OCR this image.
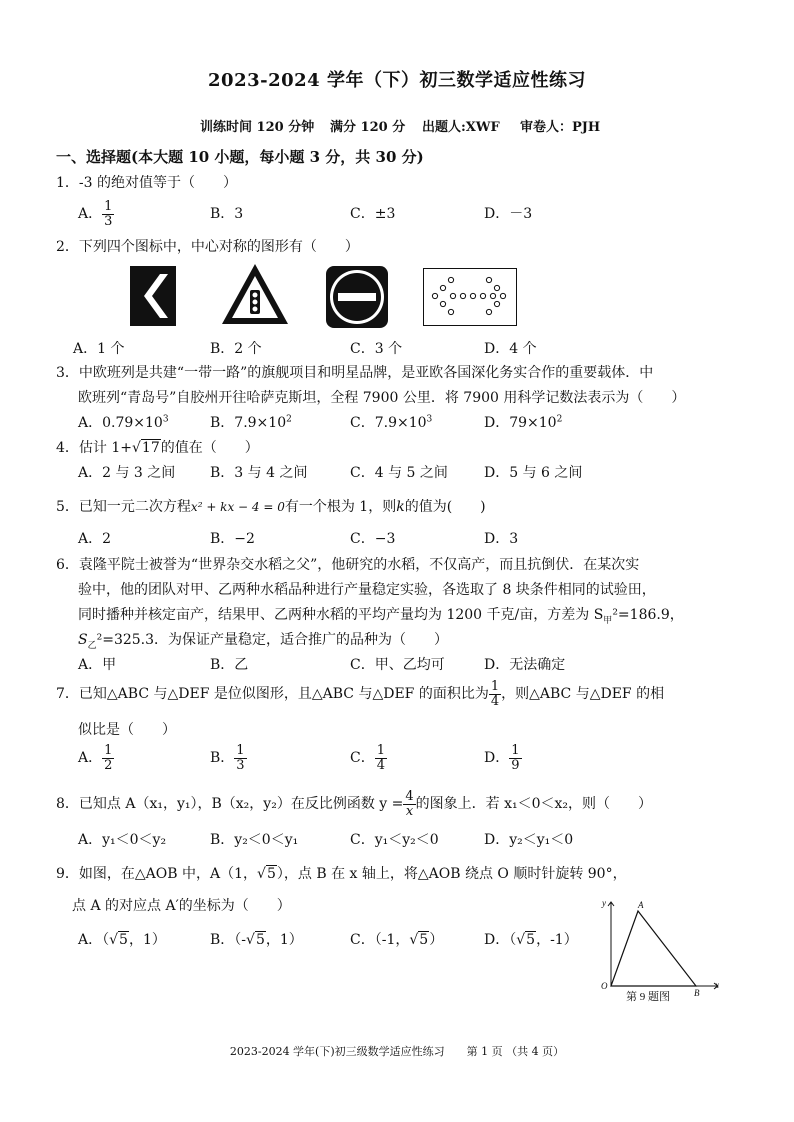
2023-2024 学年（下）初三数学适应性练习
训练时间 120 分钟 满分 120 分 出题人:XWF 审卷人：PJH
一、选择题(本大题 10 小题，每小题 3 分，共 30 分)
1．-3 的绝对值等于（　　）
A． $\frac{1}{3}$	B．3	C．±3	D．－3
2．下列四个图标中，中心对称的图形有（　　）
A．1 个	B．2 个	C．3 个	D．4 个
3．中欧班列是共建“一带一路”的旗舰项目和明星品牌，是亚欧各国深化务实合作的重要载体．中
欧班列“青岛号”自胶州开往哈萨克斯坦，全程 7900 公里．将 7900 用科学记数法表示为（　　）
A．$0.79\times 10^3$	B．$7.9\times 10^2$	C．$7.9\times 10^3$	D．$79\times 10^2$
4．估计 1+√17的值在（　　）
A．2 与 3 之间 B．3 与 4 之间	C．4 与 5 之间	D．5 与 6 之间
5．已知一元二次方程x² + kx − 4 = 0有一个根为 1，则k的值为(　　)
A．2	B．−2	C．−3	D．3
6．袁隆平院士被誉为“世界杂交水稻之父”，他研究的水稻，不仅高产，而且抗倒伏．在某次实
验中，他的团队对甲、乙两种水稻品种进行产量稳定实验，各选取了 8 块条件相同的试验田，
同时播种并核定亩产，结果甲、乙两种水稻的平均产量均为 1200 千克/亩，方差为 $S_甲^2=186.9$，
$S_乙^2=325.3$．为保证产量稳定，适合推广的品种为（　　）
A．甲	B．乙	C．甲、乙均可	D．无法确定
7．已知△ABC 与△DEF 是位似图形，且△ABC 与△DEF 的面积比为 $\frac{1}{4}$ ，则△ABC 与△DEF 的相
似比是（　　）
A． $\frac{1}{2}$	B． $\frac{1}{3}$	C． $\frac{1}{4}$	D． $\frac{1}{9}$
8．已知点 A（x₁，y₁），B（x₂，y₂）在反比例函数 $y = \frac{4}{x}$ 的图象上．若 x₁＜0＜x₂，则（　　）
A．y₁＜0＜y₂	B．y₂＜0＜y₁	C．y₁＜y₂＜0	D．y₂＜y₁＜0
9．如图，在△AOB 中，A（1，√5），点 B 在 x 轴上，将△AOB 绕点 O 顺时针旋转 90°，
点 A 的对应点 A′的坐标为（　　）
A．（√5，1）	B．（-√5，1）	C．（-1，√5）	D．（√5，-1）
y	A
O
B
x
第 9 题图
2023-2024 学年(下)初三级数学适应性练习　　第 1 页 （共 4 页）
